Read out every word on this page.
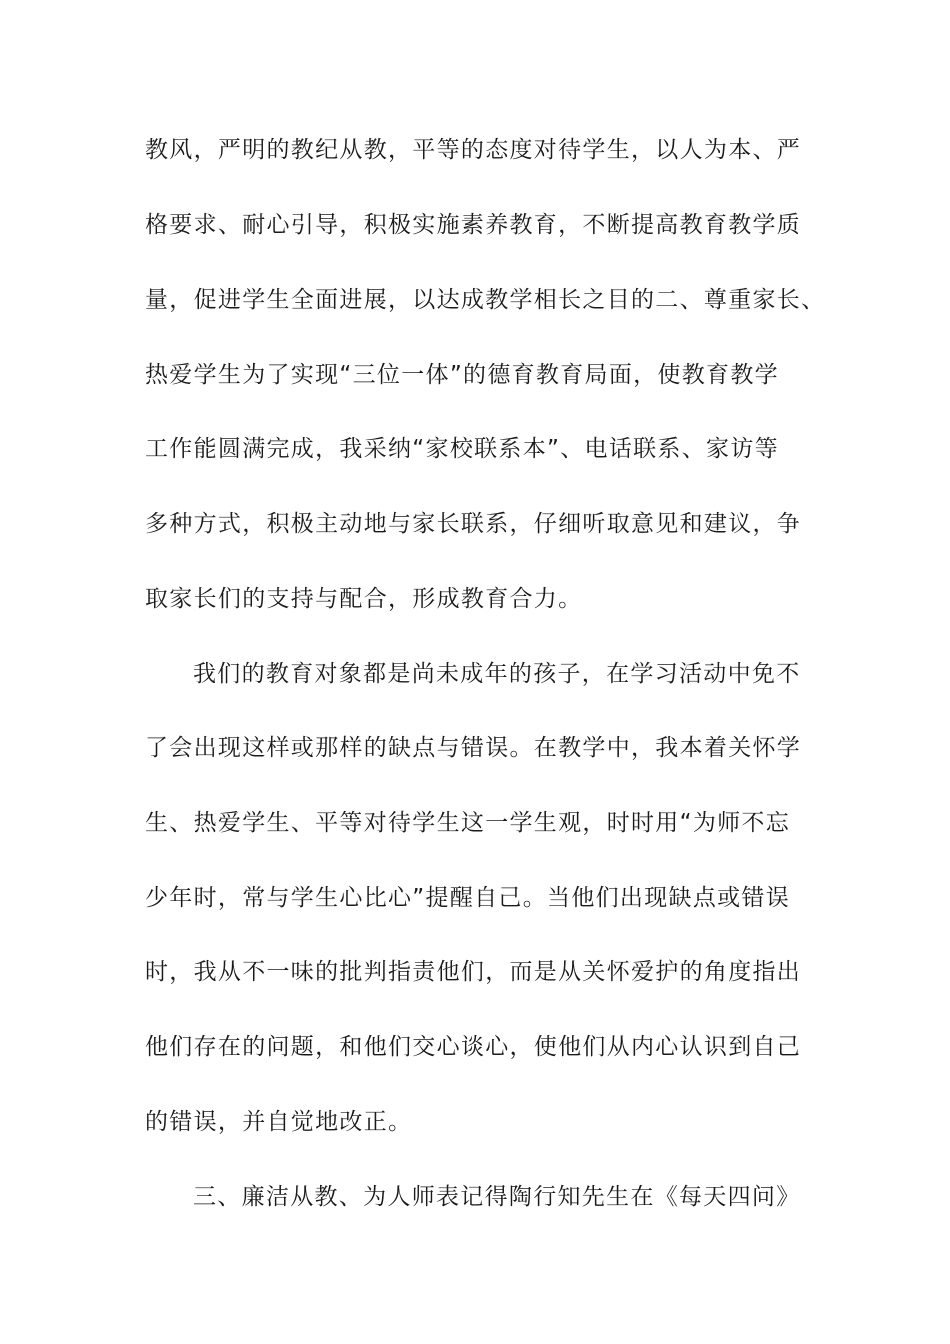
教风，严明的教纪从教，平等的态度对待学生，以人为本、严
格要求、耐心引导，积极实施素养教育，不断提高教育教学质
量，促进学生全面进展，以达成教学相长之目的二、尊重家长、
热爱学生为了实现“三位一体”的德育教育局面，使教育教学
工作能圆满完成，我采纳“家校联系本”、电话联系、家访等
多种方式，积极主动地与家长联系，仔细听取意见和建议，争
取家长们的支持与配合，形成教育合力。
我们的教育对象都是尚未成年的孩子，在学习活动中免不
了会出现这样或那样的缺点与错误。在教学中，我本着关怀学
生、热爱学生、平等对待学生这一学生观，时时用“为师不忘
少年时，常与学生心比心”提醒自己。当他们出现缺点或错误
时，我从不一味的批判指责他们，而是从关怀爱护的角度指出
他们存在的问题，和他们交心谈心，使他们从内心认识到自己
的错误，并自觉地改正。
三、廉洁从教、为人师表记得陶行知先生在《每天四问》
